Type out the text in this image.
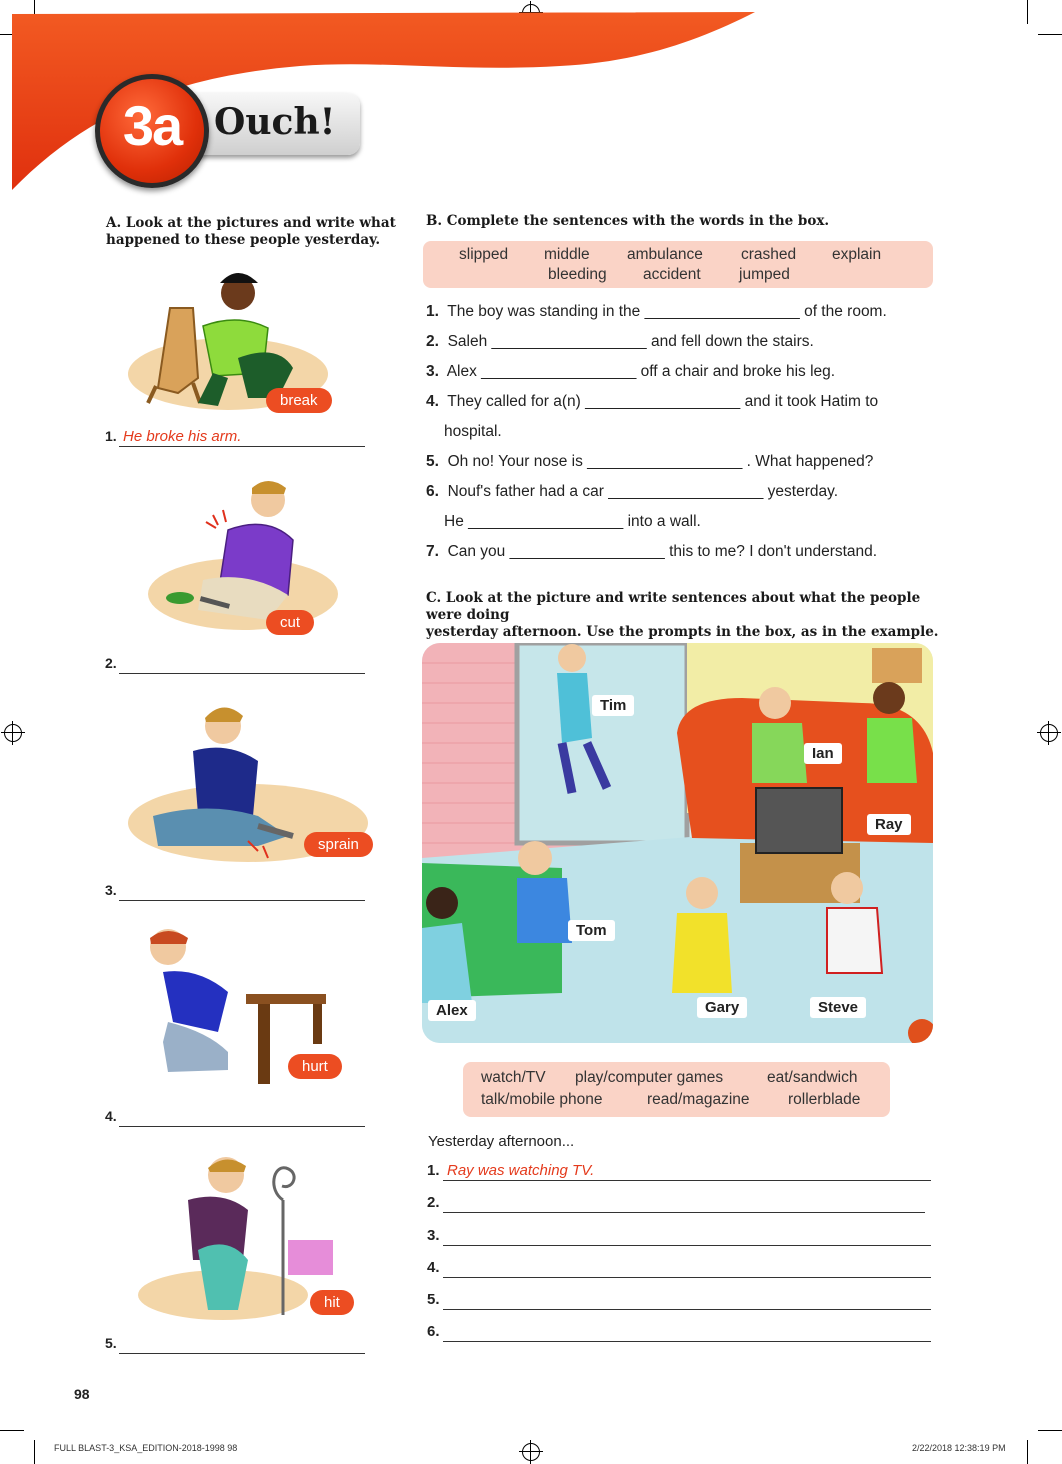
Ouch!
3a
A. Look at the pictures and write what
happened to these people yesterday.
break
1. He broke his arm.
cut
2.
sprain
3.
hurt
4.
hit
5.
98
B. Complete the sentences with the words in the box.
slipped middle ambulance crashed explain
bleeding accident jumped
1. The boy was standing in the __________________ of the room.
2. Saleh __________________ and fell down the stairs.
3. Alex __________________ off a chair and broke his leg.
4. They called for a(n) __________________ and it took Hatim to
hospital.
5. Oh no! Your nose is __________________ . What happened?
6. Nouf's father had a car __________________ yesterday.
He __________________ into a wall.
7. Can you __________________ this to me? I don't understand.
C. Look at the picture and write sentences about what the people were doing
yesterday afternoon. Use the prompts in the box, as in the example.
Tim
Ian
Ray
Tom
Alex	Gary	Steve
watch/TV play/computer games	eat/sandwich
talk/mobile phone	read/magazine rollerblade
Yesterday afternoon...
1. Ray was watching TV.
2.
3.
4.
5.
6.
FULL BLAST-3_KSA_EDITION-2018-1998 98	2/22/2018 12:38:19 PM
